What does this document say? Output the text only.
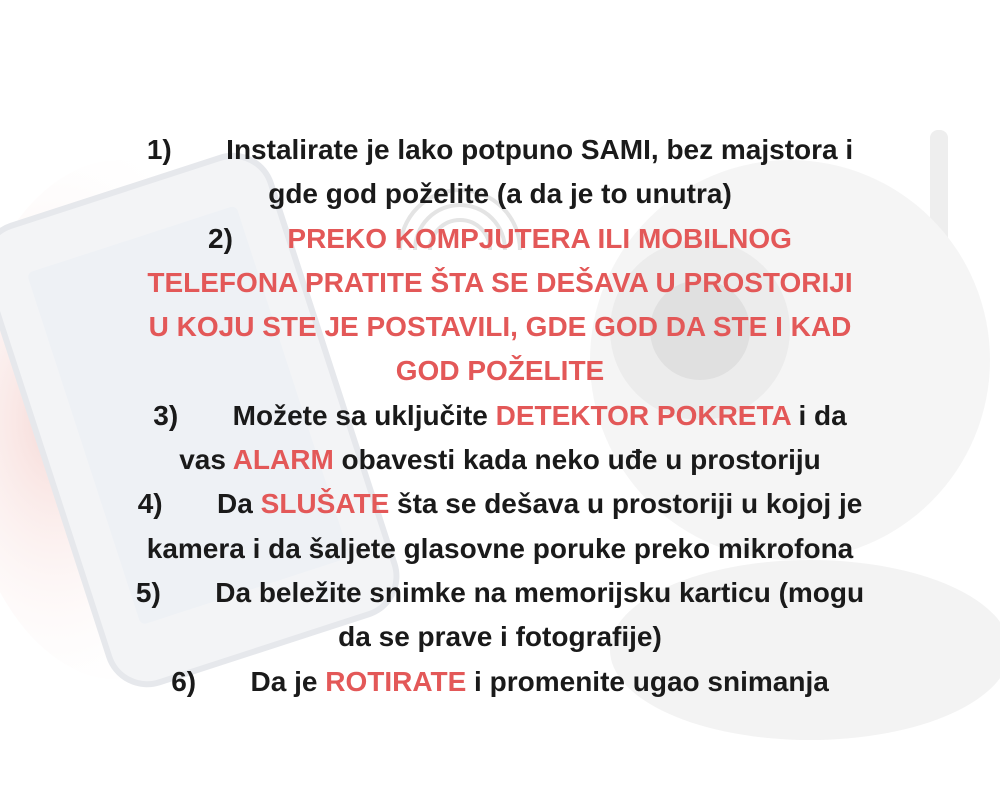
1)       Instalirate je lako potpuno SAMI, bez majstora i
gde god poželite (a da je to unutra)
2)       PREKO KOMPJUTERA ILI MOBILNOG
TELEFONA PRATITE ŠTA SE DEŠAVA U PROSTORIJI
U KOJU STE JE POSTAVILI, GDE GOD DA STE I KAD
GOD POŽELITE
3)       Možete sa uključite DETEKTOR POKRETA i da
vas ALARM obavesti kada neko uđe u prostoriju
4)       Da SLUŠATE šta se dešava u prostoriji u kojoj je
kamera i da šaljete glasovne poruke preko mikrofona
5)       Da beležite snimke na memorijsku karticu (mogu
da se prave i fotografije)
6)       Da je ROTIRATE i promenite ugao snimanja
